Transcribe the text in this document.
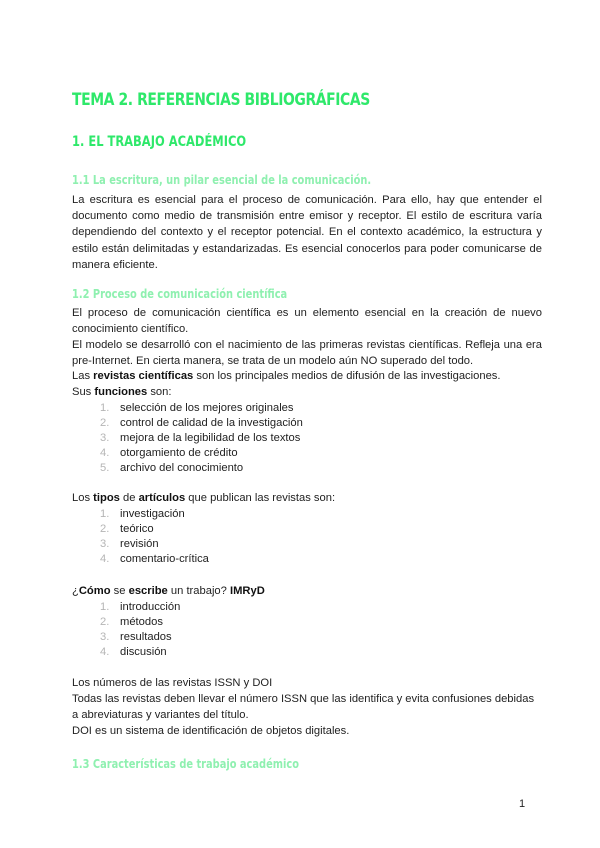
TEMA 2. REFERENCIAS BIBLIOGRÁFICAS
1. EL TRABAJO ACADÉMICO
1.1 La escritura, un pilar esencial de la comunicación.
La escritura es esencial para el proceso de comunicación. Para ello, hay que entender el documento como medio de transmisión entre emisor y receptor. El estilo de escritura varía dependiendo del contexto y el receptor potencial. En el contexto académico, la estructura y estilo están delimitadas y estandarizadas. Es esencial conocerlos para poder comunicarse de manera eficiente.
1.2 Proceso de comunicación científica
El proceso de comunicación científica es un elemento esencial en la creación de nuevo conocimiento científico.
El modelo se desarrolló con el nacimiento de las primeras revistas científicas. Refleja una era pre-Internet. En cierta manera, se trata de un modelo aún NO superado del todo.
Las revistas científicas son los principales medios de difusión de las investigaciones.
Sus funciones son:
1. selección de los mejores originales
2. control de calidad de la investigación
3. mejora de la legibilidad de los textos
4. otorgamiento de crédito
5. archivo del conocimiento
Los tipos de artículos que publican las revistas son:
1. investigación
2. teórico
3. revisión
4. comentario-crítica
¿Cómo se escribe un trabajo? IMRyD
1. introducción
2. métodos
3. resultados
4. discusión
Los números de las revistas ISSN y DOI
Todas las revistas deben llevar el número ISSN que las identifica y evita confusiones debidas a abreviaturas y variantes del título.
DOI es un sistema de identificación de objetos digitales.
1.3 Características de trabajo académico
1
